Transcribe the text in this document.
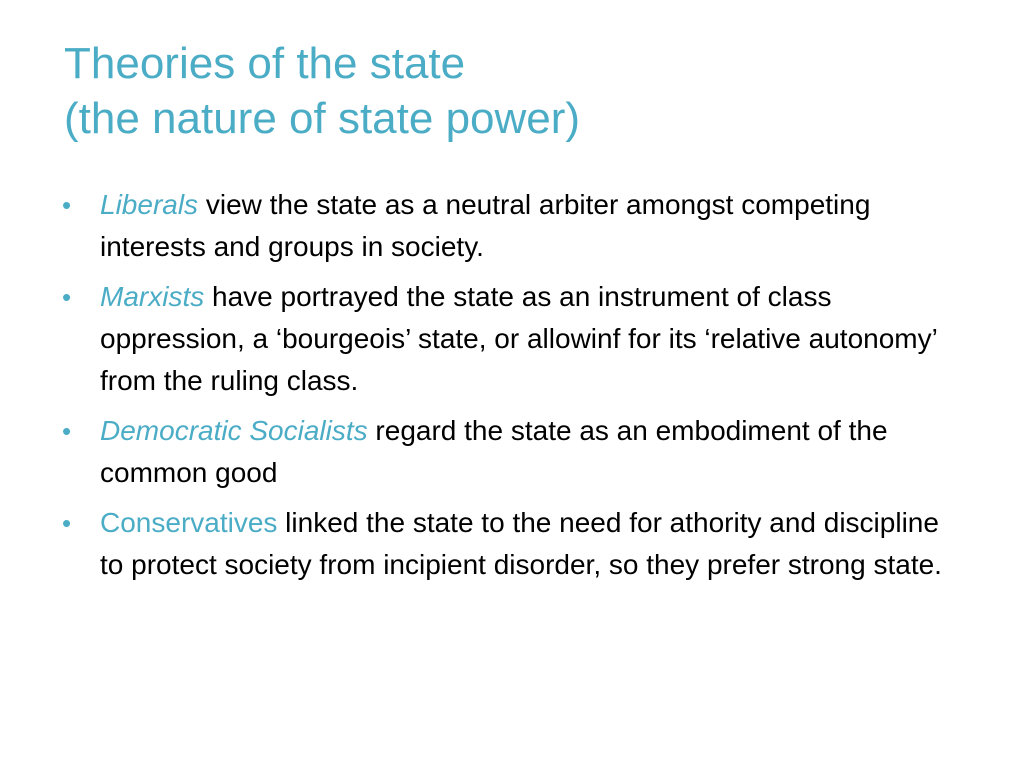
Theories of the state
(the nature of state power)
•	Liberals view the state as a neutral arbiter amongst competing interests and groups in society.
•	Marxists have portrayed the state as an instrument of class oppression, a ‘bourgeois’ state, or allowinf for its ‘relative autonomy’ from the ruling class.
•	Democratic Socialists regard the state as an embodiment of the common good
•	Conservatives linked the state to the need for athority and discipline to protect society from incipient disorder, so they prefer strong state.
